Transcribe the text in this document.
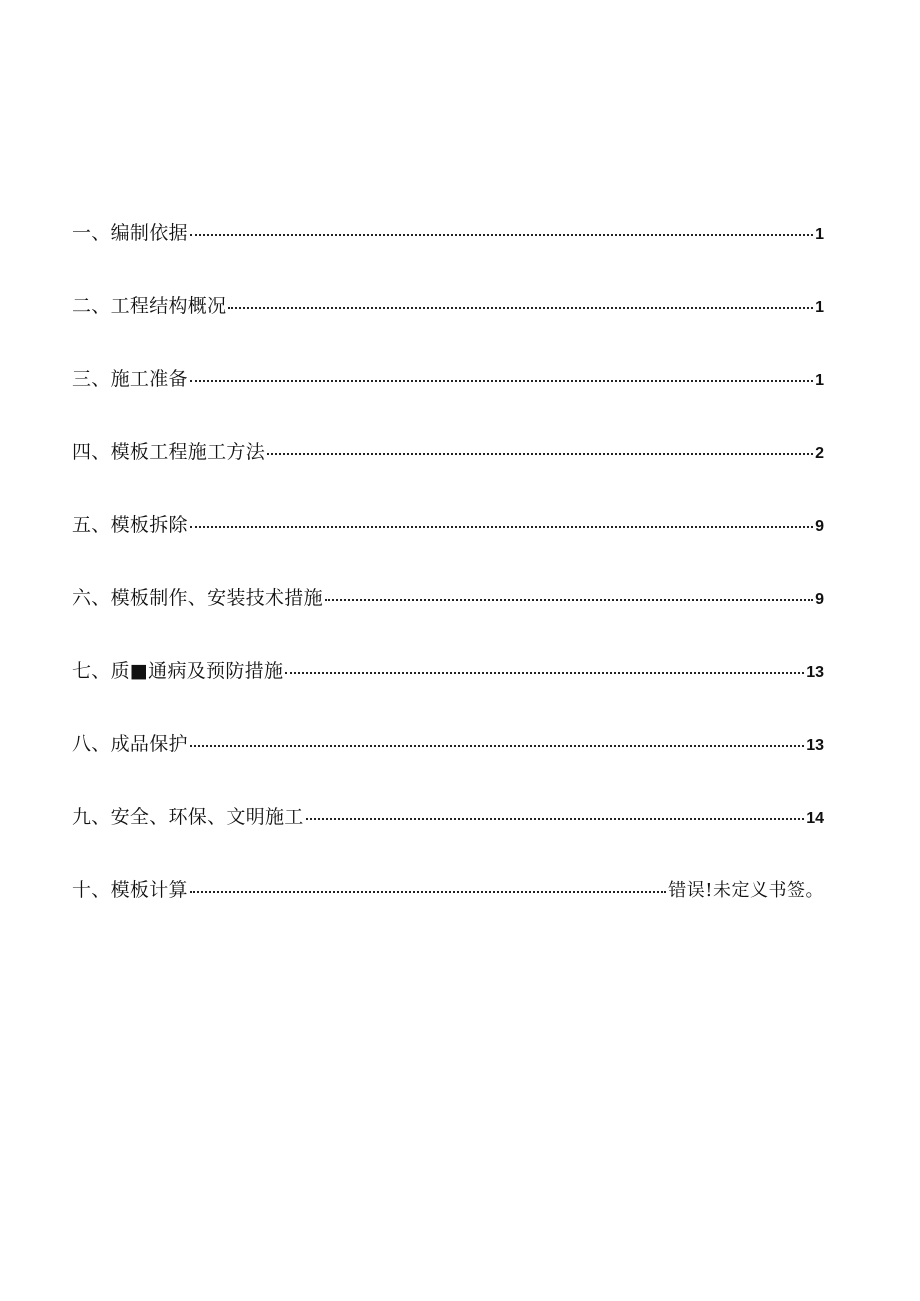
一、编制依据	1
二、工程结构概况	1
三、施工准备	1
四、模板工程施工方法	2
五、模板拆除	9
六、模板制作、安装技术措施	9
七、质■通病及预防措施	13
八、成品保护	13
九、安全、环保、文明施工	14
十、模板计算	错误!未定义书签。
